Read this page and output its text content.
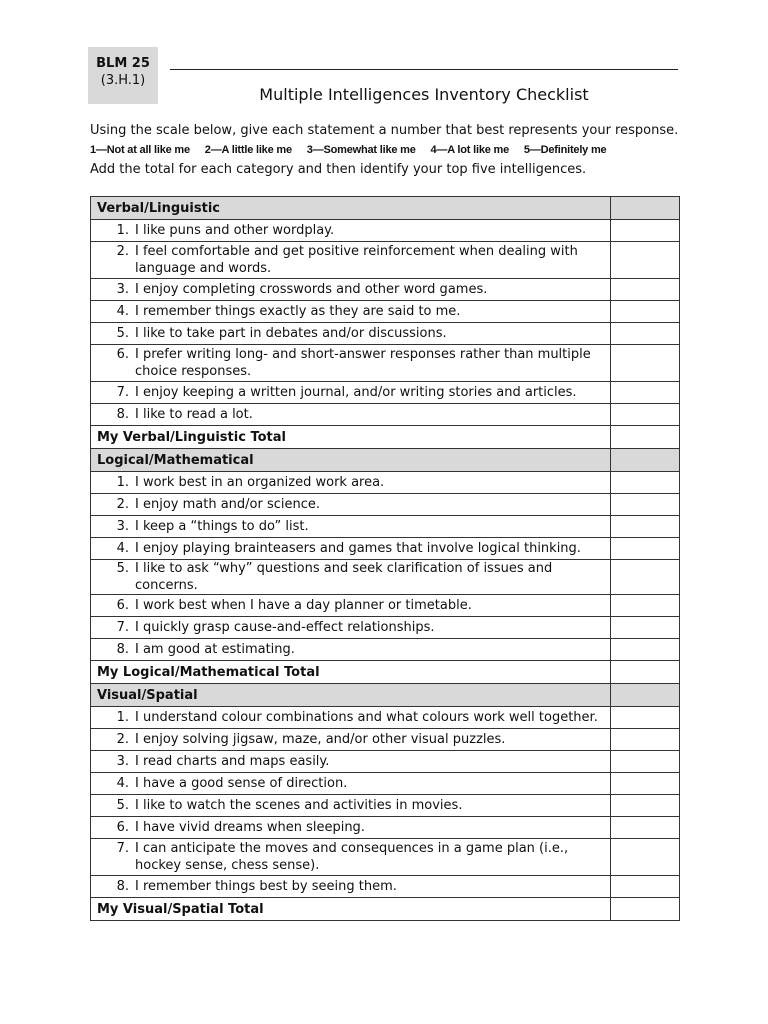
BLM 25
(3.H.1)
Multiple Intelligences Inventory Checklist
Using the scale below, give each statement a number that best represents your response.
1—Not at all like me 2—A little like me 3—Somewhat like me 4—A lot like me 5—Definitely me
Add the total for each category and then identify your top five intelligences.
Verbal/Linguistic	

1. I like puns and other wordplay.	

2. I feel comfortable and get positive reinforcement when dealing with language and words.	

3. I enjoy completing crosswords and other word games.	

4. I remember things exactly as they are said to me.	

5. I like to take part in debates and/or discussions.	

6. I prefer writing long- and short-answer responses rather than multiple choice responses.	

7. I enjoy keeping a written journal, and/or writing stories and articles.	

8. I like to read a lot.	

My Verbal/Linguistic Total	
Logical/Mathematical	

1. I work best in an organized work area.	

2. I enjoy math and/or science.	

3. I keep a “things to do” list.	

4. I enjoy playing brainteasers and games that involve logical thinking.	

5. I like to ask “why” questions and seek clarification of issues and concerns.	

6. I work best when I have a day planner or timetable.	

7. I quickly grasp cause-and-effect relationships.	

8. I am good at estimating.	

My Logical/Mathematical Total	
Visual/Spatial	

1. I understand colour combinations and what colours work well together.	

2. I enjoy solving jigsaw, maze, and/or other visual puzzles.	

3. I read charts and maps easily.	

4. I have a good sense of direction.	

5. I like to watch the scenes and activities in movies.	

6. I have vivid dreams when sleeping.	

7. I can anticipate the moves and consequences in a game plan (i.e., hockey sense, chess sense).	

8. I remember things best by seeing them.	

My Visual/Spatial Total	
